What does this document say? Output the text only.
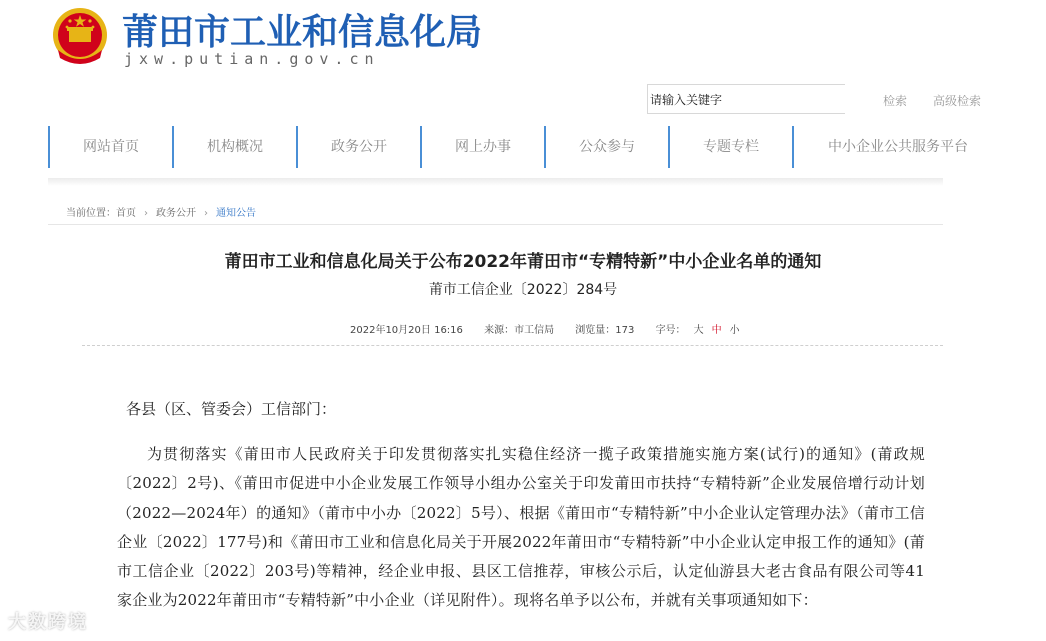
莆田市工业和信息化局
jxw.putian.gov.cn
请输入关键字
检索 高级检索
网站首页	机构概况	政务公开	网上办事	公众参与	专题专栏	中小企业公共服务平台
当前位置：首页 › 政务公开 › 通知公告
莆田市工业和信息化局关于公布2022年莆田市“专精特新”中小企业名单的通知
莆市工信企业〔2022〕284号
2022年10月20日 16:16 来源：市工信局 浏览量：173 字号： 大 中 小
各县（区、管委会）工信部门：
为贯彻落实《莆田市人民政府关于印发贯彻落实扎实稳住经济一揽子政策措施实施方案(试行)的通知》(莆政规〔2022〕2号)、《莆田市促进中小企业发展工作领导小组办公室关于印发莆田市扶持“专精特新”企业发展倍增行动计划（2022—2024年）的通知》（莆市中小办〔2022〕5号）、根据《莆田市“专精特新”中小企业认定管理办法》（莆市工信企业〔2022〕177号)和《莆田市工业和信息化局关于开展2022年莆田市“专精特新”中小企业认定申报工作的通知》(莆市工信企业〔2022〕203号)等精神，经企业申报、县区工信推荐，审核公示后，认定仙游县大老古食品有限公司等41家企业为2022年莆田市“专精特新”中小企业（详见附件）。现将名单予以公布，并就有关事项通知如下：
大数跨境
